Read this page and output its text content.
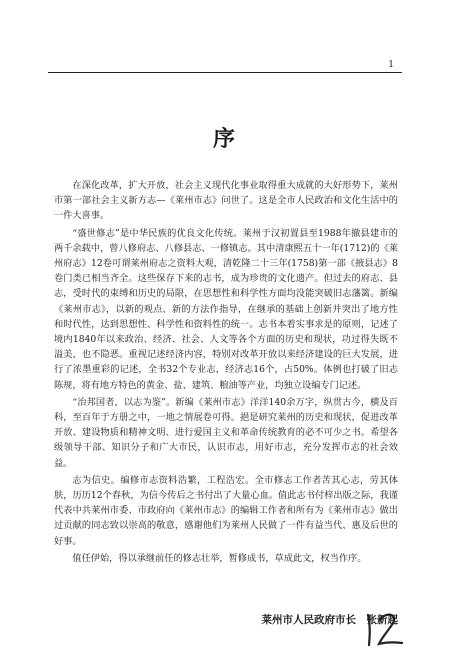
1
序

在深化改革，扩大开放，社会主义现代化事业取得重大成就的大好形势下，莱州市第一部社会主义新方志—《莱州市志》问世了。这是全市人民政治和文化生活中的一件大喜事。

“盛世修志”是中华民族的优良文化传统。莱州于汉初置县至1988年撤县建市的两千余载中，曾八修府志、八修县志、一修镇志。其中清康熙五十一年(1712)的《莱州府志》12卷可谓莱州府志之资料大观，清乾隆二十三年(1758)第一部《掖县志》8卷门类已相当齐全。这些保存下来的志书，成为珍贵的文化遗产。但过去的府志、县志，受时代的束缚和历史的局限，在思想性和科学性方面均没能突破旧志藩篱。新编《莱州市志》，以新的观点、新的方法作指导，在继承的基础上创新并突出了地方性和时代性，达到思想性、科学性和资料性的统一。志书本着实事求是的原则，记述了境内1840年以来政治、经济、社会、人文等各个方面的历史和现状，功过得失既不溢美，也不隐恶。重视记述经济内容，特别对改革开放以来经济建设的巨大发展，进行了浓墨重彩的记述，全书32个专业志，经济志16个，占50%。体例也打破了旧志陈规，将有地方特色的黄金、盐、建筑、粮油等产业，均独立设编专门记述。

“治邦国者，以志为鉴”。新编《莱州市志》洋洋140余万字，纵贯古今，横及百科，至百年于方册之中，一地之情展卷可得。挹是研究莱州的历史和现状，促进改革开放、建设物质和精神文明、进行爱国主义和革命传统教育的必不可少之书。希望各级领导干部、知识分子和广大市民，认识市志，用好市志，充分发挥市志的社会效益。

志为信史。编修市志资料浩繁，工程浩宏。全市修志工作者苦其心志，劳其体肤，历历12个春秋，为信今传后之书付出了大量心血。值此志书付梓出版之际，我谨代表中共莱州市委、市政府向《莱州市志》的编辑工作者和所有为《莱州市志》做出过贡献的同志致以崇高的敬意，感谢他们为莱州人民做了一件有益当代、惠及后世的好事。

值任伊始，得以承继前任的修志壮举，暂修成书，草成此文，权当作序。

莱州市人民政府市长　张新起
